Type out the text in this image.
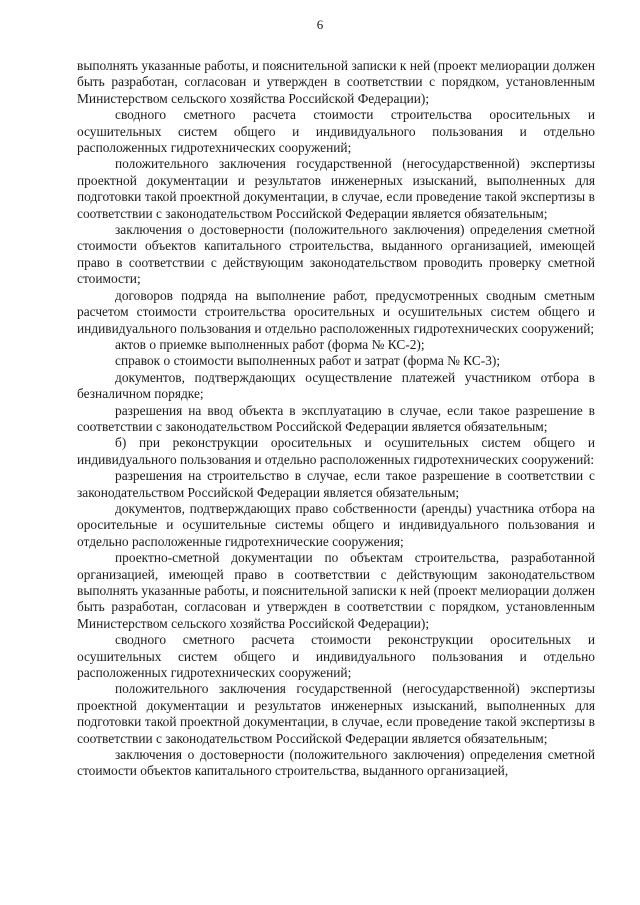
6

выполнять указанные работы, и пояснительной записки к ней (проект мелиорации должен быть разработан, согласован и утвержден в соответствии с порядком, установленным Министерством сельского хозяйства Российской Федерации);

сводного сметного расчета стоимости строительства оросительных и осушительных систем общего и индивидуального пользования и отдельно расположенных гидротехнических сооружений;

положительного заключения государственной (негосударственной) экспертизы проектной документации и результатов инженерных изысканий, выполненных для подготовки такой проектной документации, в случае, если проведение такой экспертизы в соответствии с законодательством Российской Федерации является обязательным;

заключения о достоверности (положительного заключения) определения сметной стоимости объектов капитального строительства, выданного организацией, имеющей право в соответствии с действующим законодательством проводить проверку сметной стоимости;

договоров подряда на выполнение работ, предусмотренных сводным сметным расчетом стоимости строительства оросительных и осушительных систем общего и индивидуального пользования и отдельно расположенных гидротехнических сооружений;

актов о приемке выполненных работ (форма № КС-2);

справок о стоимости выполненных работ и затрат (форма № КС-3);

документов, подтверждающих осуществление платежей участником отбора в безналичном порядке;

разрешения на ввод объекта в эксплуатацию в случае, если такое разрешение в соответствии с законодательством Российской Федерации является обязательным;

б) при реконструкции оросительных и осушительных систем общего и индивидуального пользования и отдельно расположенных гидротехнических сооружений:

разрешения на строительство в случае, если такое разрешение в соответствии с законодательством Российской Федерации является обязательным;

документов, подтверждающих право собственности (аренды) участника отбора на оросительные и осушительные системы общего и индивидуального пользования и отдельно расположенные гидротехнические сооружения;

проектно-сметной документации по объектам строительства, разработанной организацией, имеющей право в соответствии с действующим законодательством выполнять указанные работы, и пояснительной записки к ней (проект мелиорации должен быть разработан, согласован и утвержден в соответствии с порядком, установленным Министерством сельского хозяйства Российской Федерации);

сводного сметного расчета стоимости реконструкции оросительных и осушительных систем общего и индивидуального пользования и отдельно расположенных гидротехнических сооружений;

положительного заключения государственной (негосударственной) экспертизы проектной документации и результатов инженерных изысканий, выполненных для подготовки такой проектной документации, в случае, если проведение такой экспертизы в соответствии с законодательством Российской Федерации является обязательным;

заключения о достоверности (положительного заключения) определения сметной стоимости объектов капитального строительства, выданного организацией,
